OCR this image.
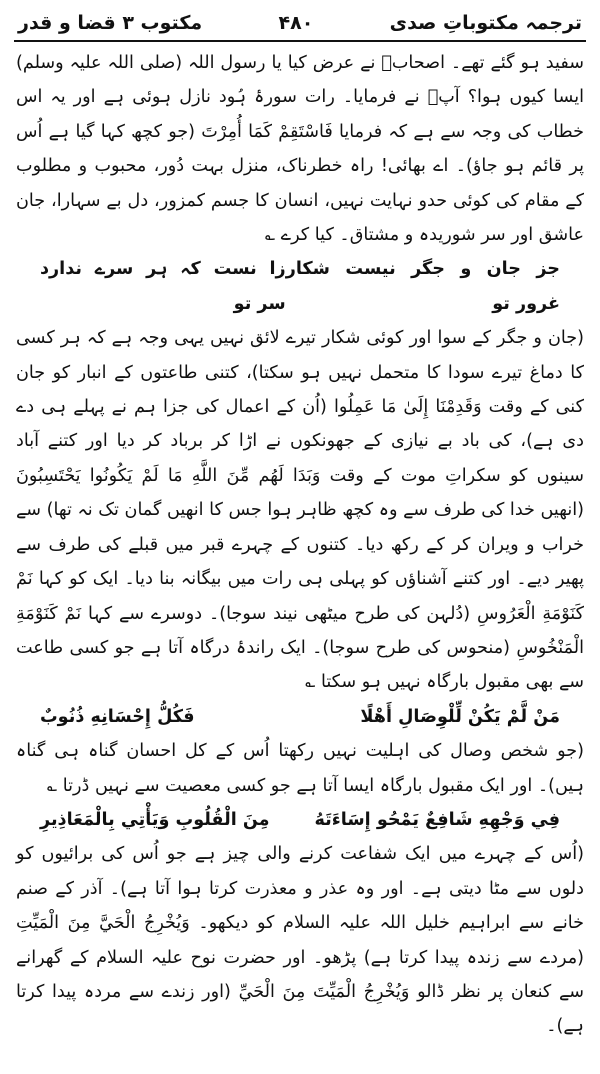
ترجمہ مکتوباتِ صدی
۴۸۰
مکتوب ۳ قضا و قدر

سفید ہو گئے تھے۔ اصحابؓ نے عرض کیا یا رسول اللہ (صلی اللہ علیہ وسلم) ایسا کیوں ہوا؟ آپؐ نے فرمایا۔ رات سورۂ ہُود نازل ہوئی ہے اور یہ اس خطاب کی وجہ سے ہے کہ فرمایا فَاسْتَقِمْ كَمَا أُمِرْتَ (جو کچھ کہا گیا ہے اُس پر قائم ہو جاؤ)۔ اے بھائی! راہ خطرناک، منزل بہت دُور، محبوب و مطلوب کے مقام کی کوئی حدو نہایت نہیں، انسان کا جسم کمزور، دل بے سہارا، جان عاشق اور سر شوریدہ و مشتاق۔ کیا کرے ؎

جز جان و جگر نیست شکار غرور تو
زا نست کہ ہر سرے ندارد سر تو

(جان و جگر کے سوا اور کوئی شکار تیرے لائق نہیں یہی وجہ ہے کہ ہر کسی کا دماغ تیرے سودا کا متحمل نہیں ہو سکتا)، کتنی طاعتوں کے انبار کو جان کنی کے وقت وَقَدِمْنَا إِلَىٰ مَا عَمِلُوا (اُن کے اعمال کی جزا ہم نے پہلے ہی دے دی ہے)، کی باد بے نیازی کے جھونکوں نے اڑا کر برباد کر دیا اور کتنے آباد سینوں کو سکراتِ موت کے وقت وَبَدَا لَهُم مِّنَ اللَّهِ مَا لَمْ يَكُونُوا يَحْتَسِبُونَ (انھیں خدا کی طرف سے وہ کچھ ظاہر ہوا جس کا انھیں گمان تک نہ تھا) سے خراب و ویران کر کے رکھ دیا۔ کتنوں کے چہرے قبر میں قبلے کی طرف سے پھیر دیے۔ اور کتنے آشناؤں کو پہلی ہی رات میں بیگانہ بنا دیا۔ ایک کو کہا نَمْ كَنَوْمَةِ الْعَرُوسِ (دُلہن کی طرح میٹھی نیند سوجا)۔ دوسرے سے کہا نَمْ كَنَوْمَةِ الْمَنْخُوسِ (منحوس کی طرح سوجا)۔ ایک راندۂ درگاہ آتا ہے جو کسی طاعت سے بھی مقبول بارگاہ نہیں ہو سکتا ؎

مَنْ لَّمْ يَكُنْ لِّلْوِصَالِ أَهْلًا
فَكُلُّ إِحْسَانِهِ ذُنُوبٌ

(جو شخص وصال کی اہلیت نہیں رکھتا اُس کے کل احسان گناہ ہی گناہ ہیں)۔ اور ایک مقبول بارگاہ ایسا آتا ہے جو کسی معصیت سے نہیں ڈرتا ؎

فِي وَجْهِهِ شَافِعٌ يَمْحُو إِسَاءَتَهُ
مِنَ الْقُلُوبِ وَيَأْتِي بِالْمَعَاذِيرِ

(اُس کے چہرے میں ایک شفاعت کرنے والی چیز ہے جو اُس کی برائیوں کو دلوں سے مٹا دیتی ہے۔ اور وہ عذر و معذرت کرتا ہوا آتا ہے)۔ آذر کے صنم خانے سے ابراہیم خلیل اللہ علیہ السلام کو دیکھو۔ وَيُخْرِجُ الْحَيَّ مِنَ الْمَيِّتِ (مردے سے زندہ پیدا کرتا ہے) پڑھو۔ اور حضرت نوح علیہ السلام کے گھرانے سے کنعان پر نظر ڈالو وَيُخْرِجُ الْمَيِّتَ مِنَ الْحَيِّ (اور زندے سے مردہ پیدا کرتا ہے)۔
